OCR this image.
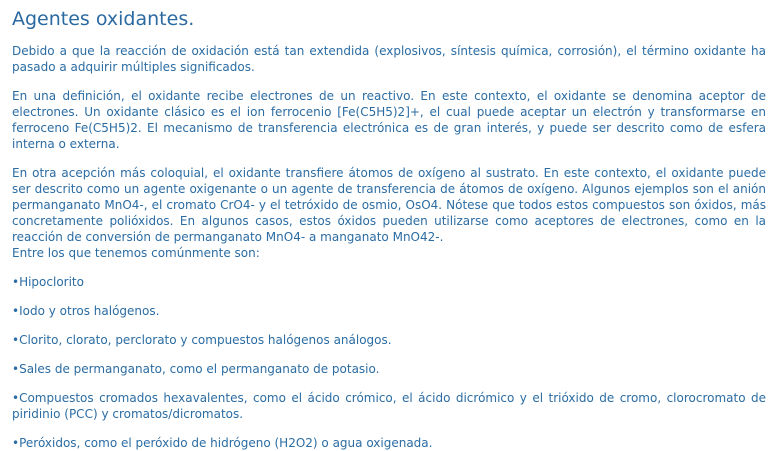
Agentes oxidantes.

Debido a que la reacción de oxidación está tan extendida (explosivos, síntesis química, corrosión), el término oxidante ha pasado a adquirir múltiples significados.

En una definición, el oxidante recibe electrones de un reactivo. En este contexto, el oxidante se denomina aceptor de electrones. Un oxidante clásico es el ion ferrocenio [Fe(C5H5)2]+, el cual puede aceptar un electrón y transformarse en ferroceno Fe(C5H5)2. El mecanismo de transferencia electrónica es de gran interés, y puede ser descrito como de esfera interna o externa.

En otra acepción más coloquial, el oxidante transfiere átomos de oxígeno al sustrato. En este contexto, el oxidante puede ser descrito como un agente oxigenante o un agente de transferencia de átomos de oxígeno. Algunos ejemplos son el anión permanganato MnO4-, el cromato CrO4- y el tetróxido de osmio, OsO4. Nótese que todos estos compuestos son óxidos, más concretamente polióxidos. En algunos casos, estos óxidos pueden utilizarse como aceptores de electrones, como en la reacción de conversión de permanganato MnO4- a manganato MnO42-.

Entre los que tenemos comúnmente son:

•Hipoclorito
•Iodo y otros halógenos.
•Clorito, clorato, perclorato y compuestos halógenos análogos.
•Sales de permanganato, como el permanganato de potasio.
•Compuestos cromados hexavalentes, como el ácido crómico, el ácido dicrómico y el trióxido de cromo, clorocromato de piridinio (PCC) y cromatos/dicromatos.
•Peróxidos, como el peróxido de hidrógeno (H2O2) o agua oxigenada.
